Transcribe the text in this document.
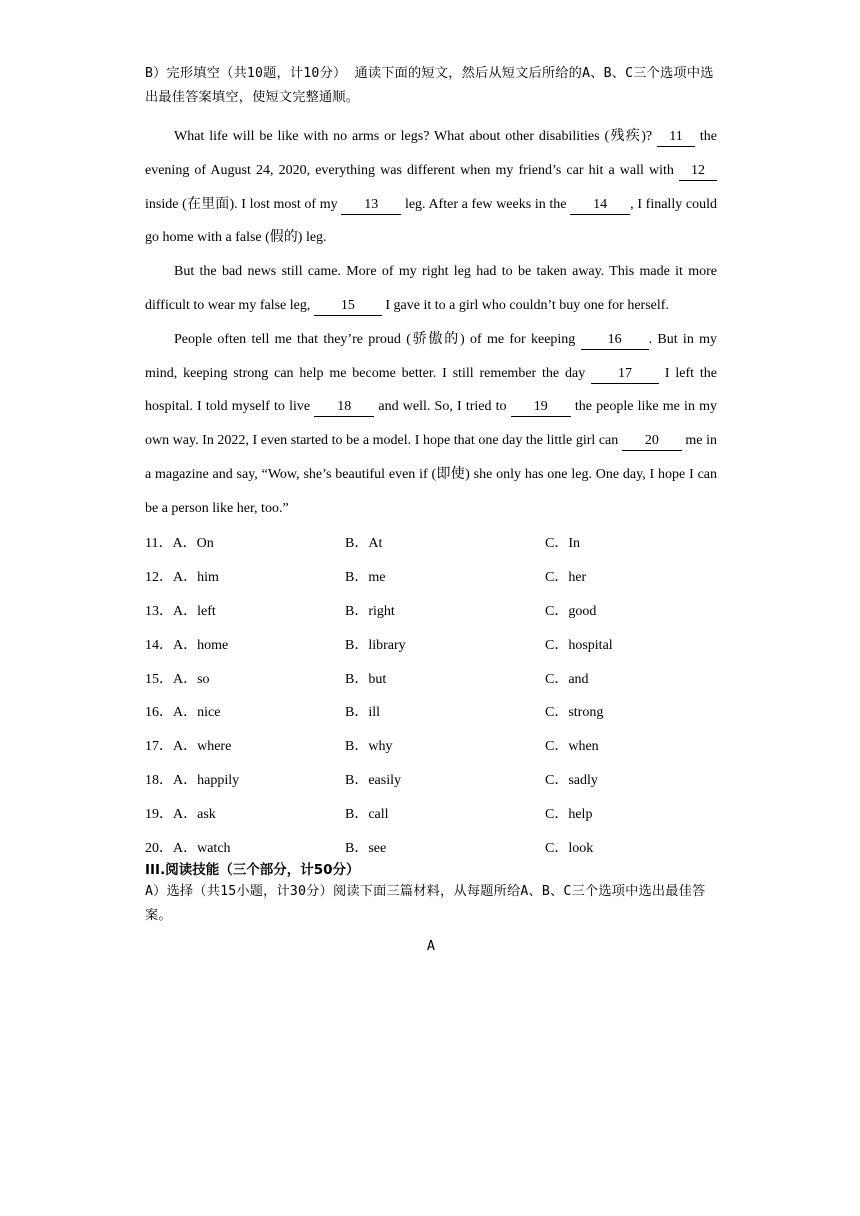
B）完形填空（共10题，计10分） 通读下面的短文，然后从短文后所给的A、B、C三个选项中选出最佳答案填空，使短文完整通顺。

What life will be like with no arms or legs? What about other disabilities (残疾)? 11 the evening of August 24, 2020, everything was different when my friend’s car hit a wall with 12 inside (在里面). I lost most of my 13 leg. After a few weeks in the 14 , I finally could go home with a false (假的) leg.

But the bad news still came. More of my right leg had to be taken away. This made it more difficult to wear my false leg, 15 I gave it to a girl who couldn’t buy one for herself.

People often tell me that they’re proud (骄傲的) of me for keeping 16 . But in my mind, keeping strong can help me become better. I still remember the day 17 I left the hospital. I told myself to live 18 and well. So, I tried to 19 the people like me in my own way. In 2022, I even started to be a model. I hope that one day the little girl can 20 me in a magazine and say, “Wow, she’s beautiful even if (即使) she only has one leg. One day, I hope I can be a person like her, too.”

11．A．On	B．At	C．In
12．A．him	B．me	C．her
13．A．left	B．right	C．good
14．A．home	B．library	C．hospital
15．A．so	B．but	C．and
16．A．nice	B．ill	C．strong
17．A．where	B．why	C．when
18．A．happily	B．easily	C．sadly
19．A．ask	B．call	C．help
20．A．watch	B．see	C．look
III.阅读技能（三个部分，计50分）
A）选择（共15小题，计30分）阅读下面三篇材料，从每题所给A、B、C三个选项中选出最佳答案。
A
